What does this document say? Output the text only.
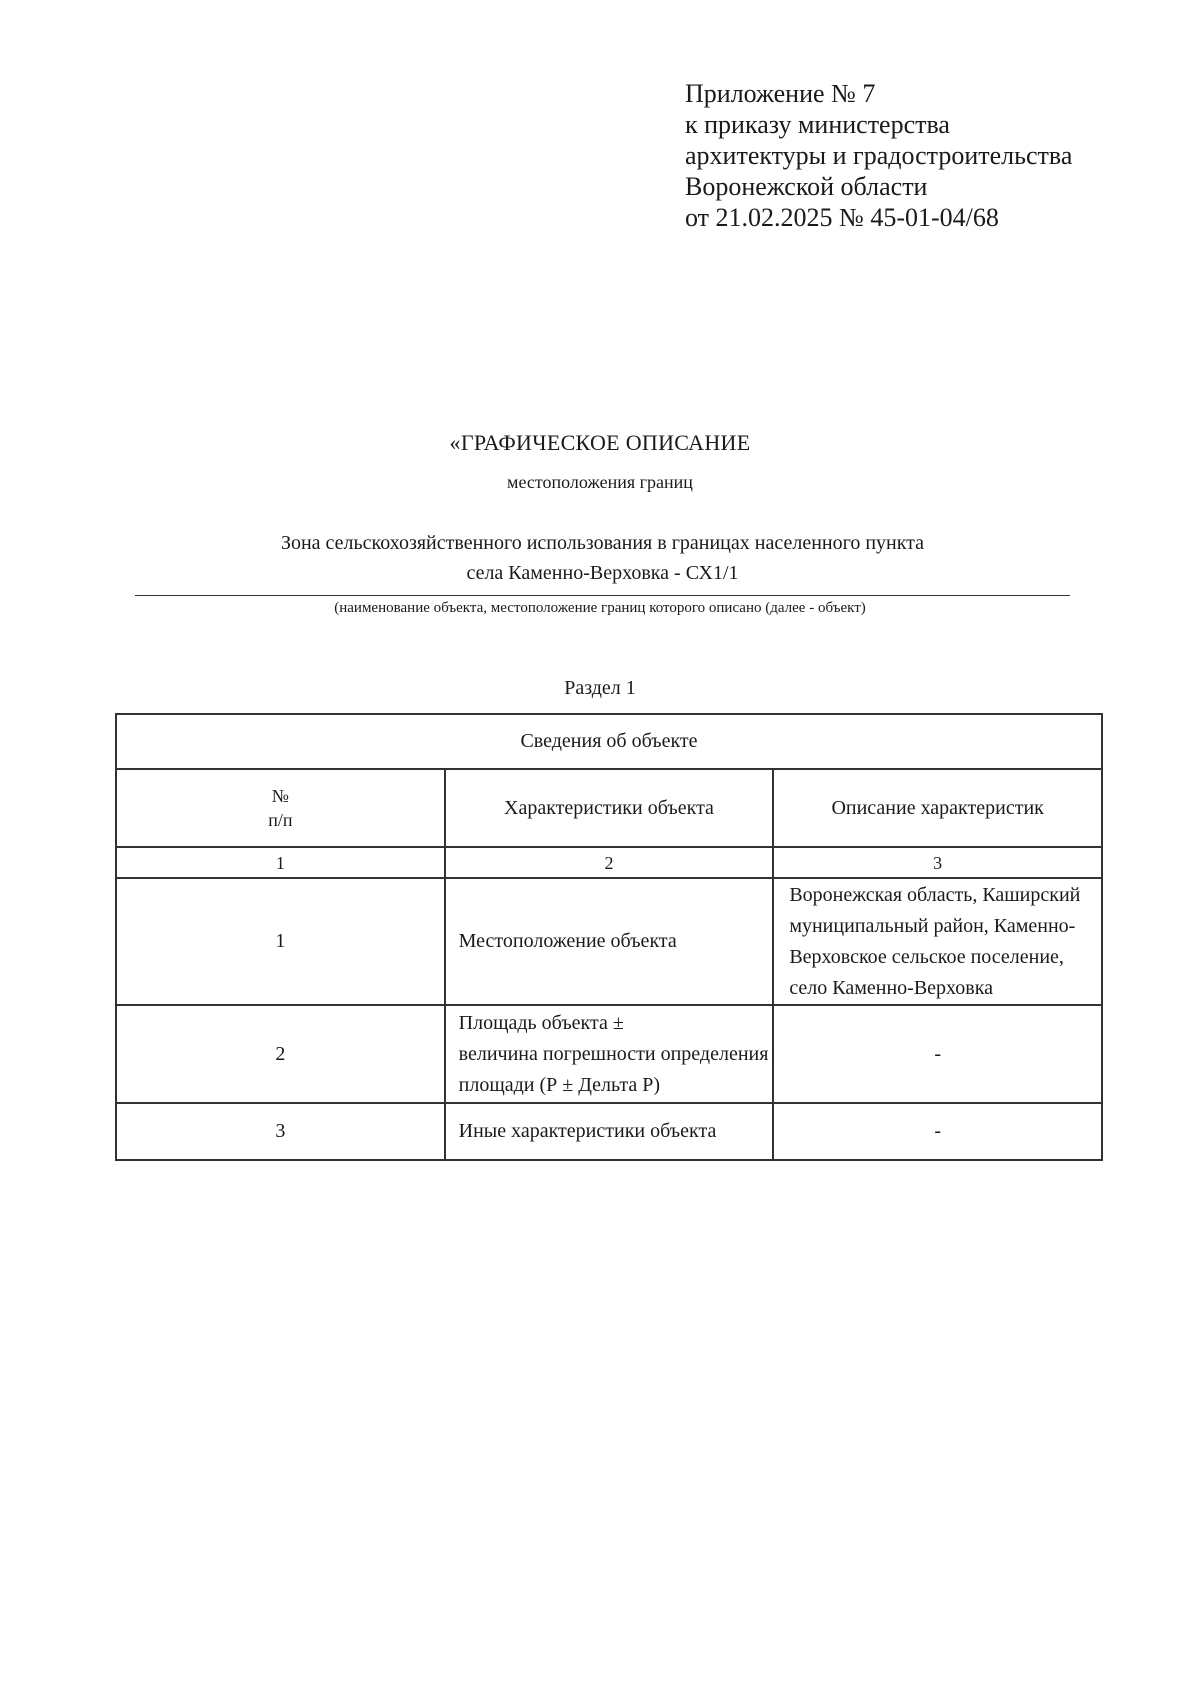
Приложение № 7
к приказу министерства
архитектуры и градостроительства
Воронежской области
от 21.02.2025 № 45-01-04/68
«ГРАФИЧЕСКОЕ ОПИСАНИЕ
местоположения границ
Зона сельскохозяйственного использования в границах населенного пункта
села Каменно-Верховка - СХ1/1
(наименование объекта, местоположение границ которого описано (далее - объект)
Раздел 1
Сведения об объекте		

№
п/п	Характеристики объекта	Описание характеристик
1	2	3
1	Местоположение объекта	Воронежская область, Каширский
муниципальный район, Каменно-
Верховское сельское поселение,
село Каменно-Верховка

2	Площадь объекта ±
величина погрешности определения
площади (Р ± Дельта Р)	-
3	Иные характеристики объекта	-
